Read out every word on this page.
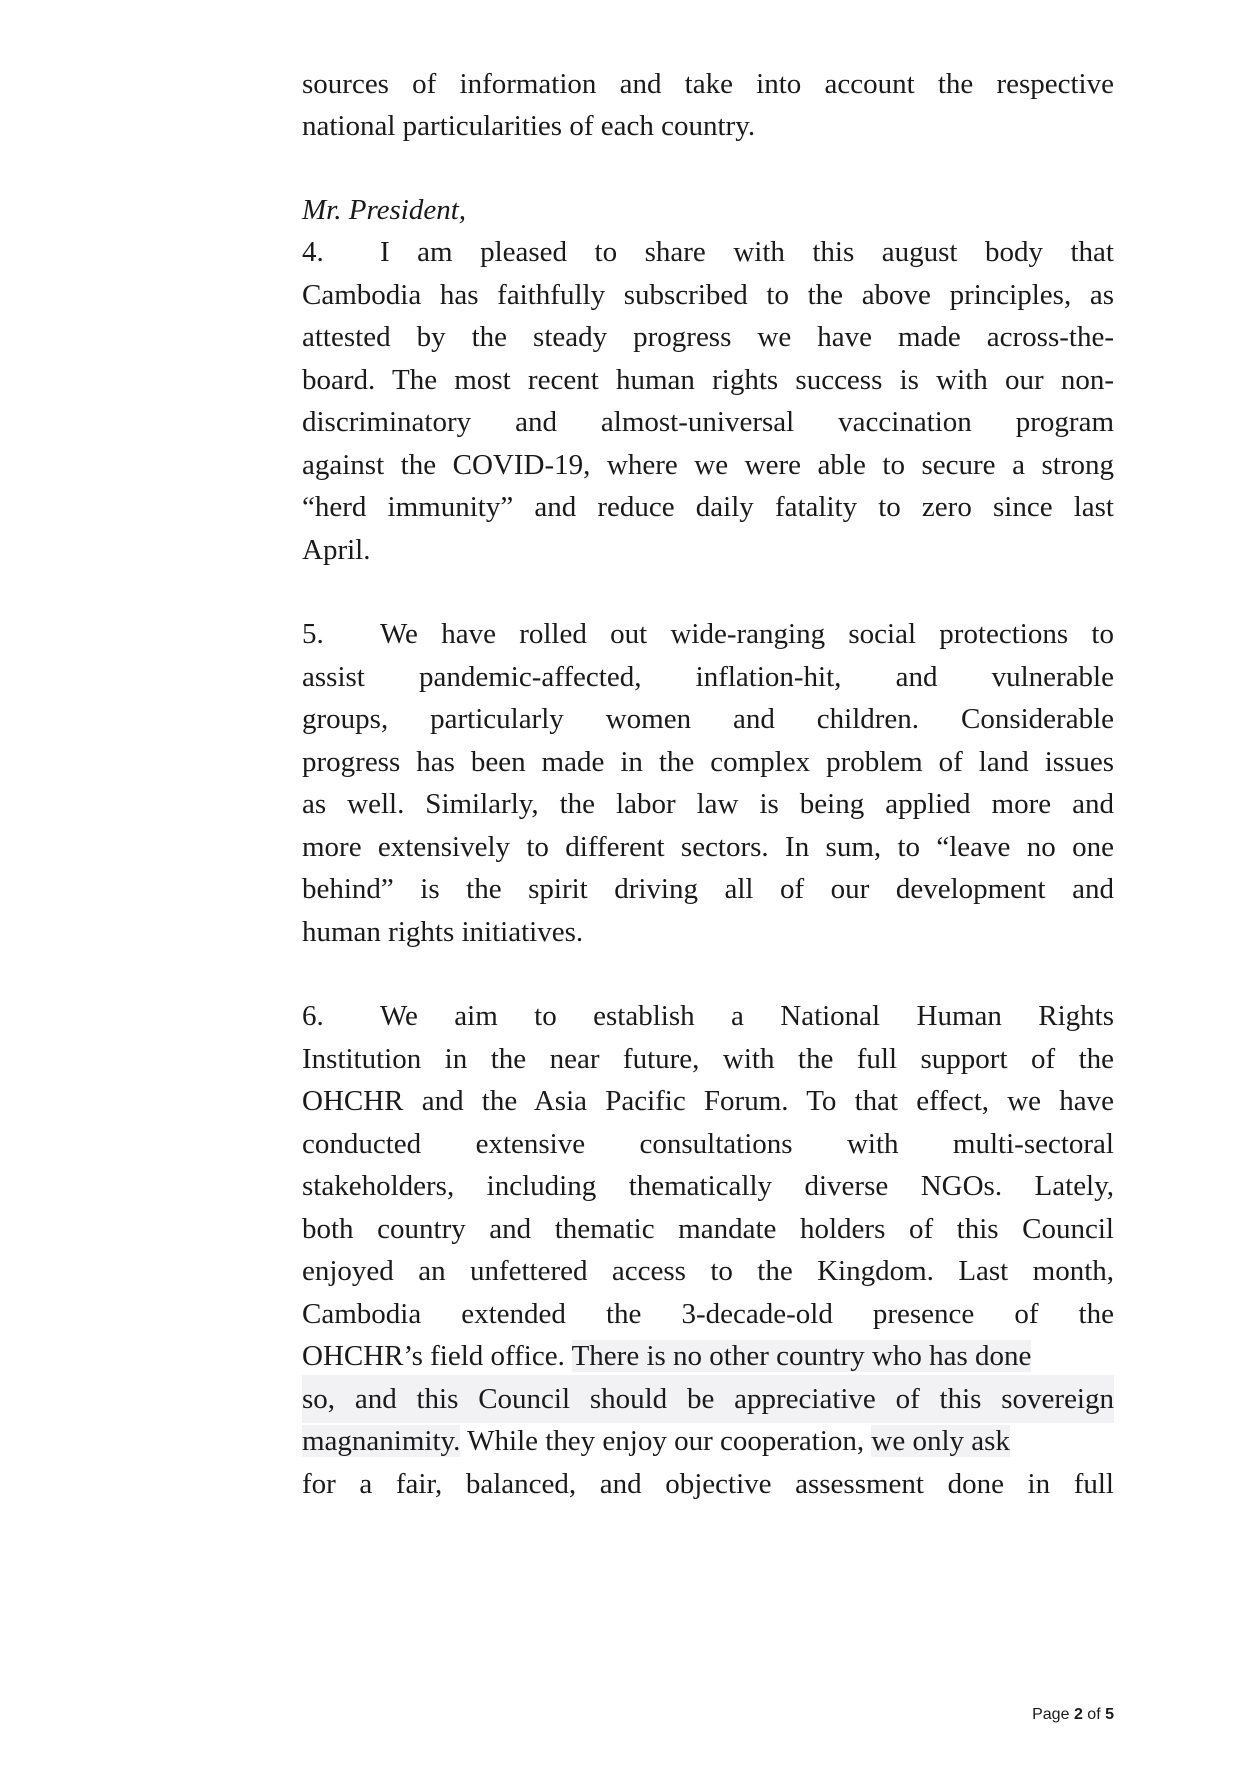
sources of information and take into account the respective
national particularities of each country.
Mr. President,
4. I am pleased to share with this august body that
Cambodia has faithfully subscribed to the above principles, as
attested by the steady progress we have made across-the-
board. The most recent human rights success is with our non-
discriminatory and almost-universal vaccination program
against the COVID-19, where we were able to secure a strong
“herd immunity” and reduce daily fatality to zero since last
April.
5. We have rolled out wide-ranging social protections to
assist pandemic-affected, inflation-hit, and vulnerable
groups, particularly women and children. Considerable
progress has been made in the complex problem of land issues
as well. Similarly, the labor law is being applied more and
more extensively to different sectors. In sum, to “leave no one
behind” is the spirit driving all of our development and
human rights initiatives.
6. We aim to establish a National Human Rights
Institution in the near future, with the full support of the
OHCHR and the Asia Pacific Forum. To that effect, we have
conducted extensive consultations with multi-sectoral
stakeholders, including thematically diverse NGOs. Lately,
both country and thematic mandate holders of this Council
enjoyed an unfettered access to the Kingdom. Last month,
Cambodia extended the 3-decade-old presence of the
OHCHR’s field office. There is no other country who has done
so, and this Council should be appreciative of this sovereign
magnanimity. While they enjoy our cooperation, we only ask
for a fair, balanced, and objective assessment done in full
Page 2 of 5
